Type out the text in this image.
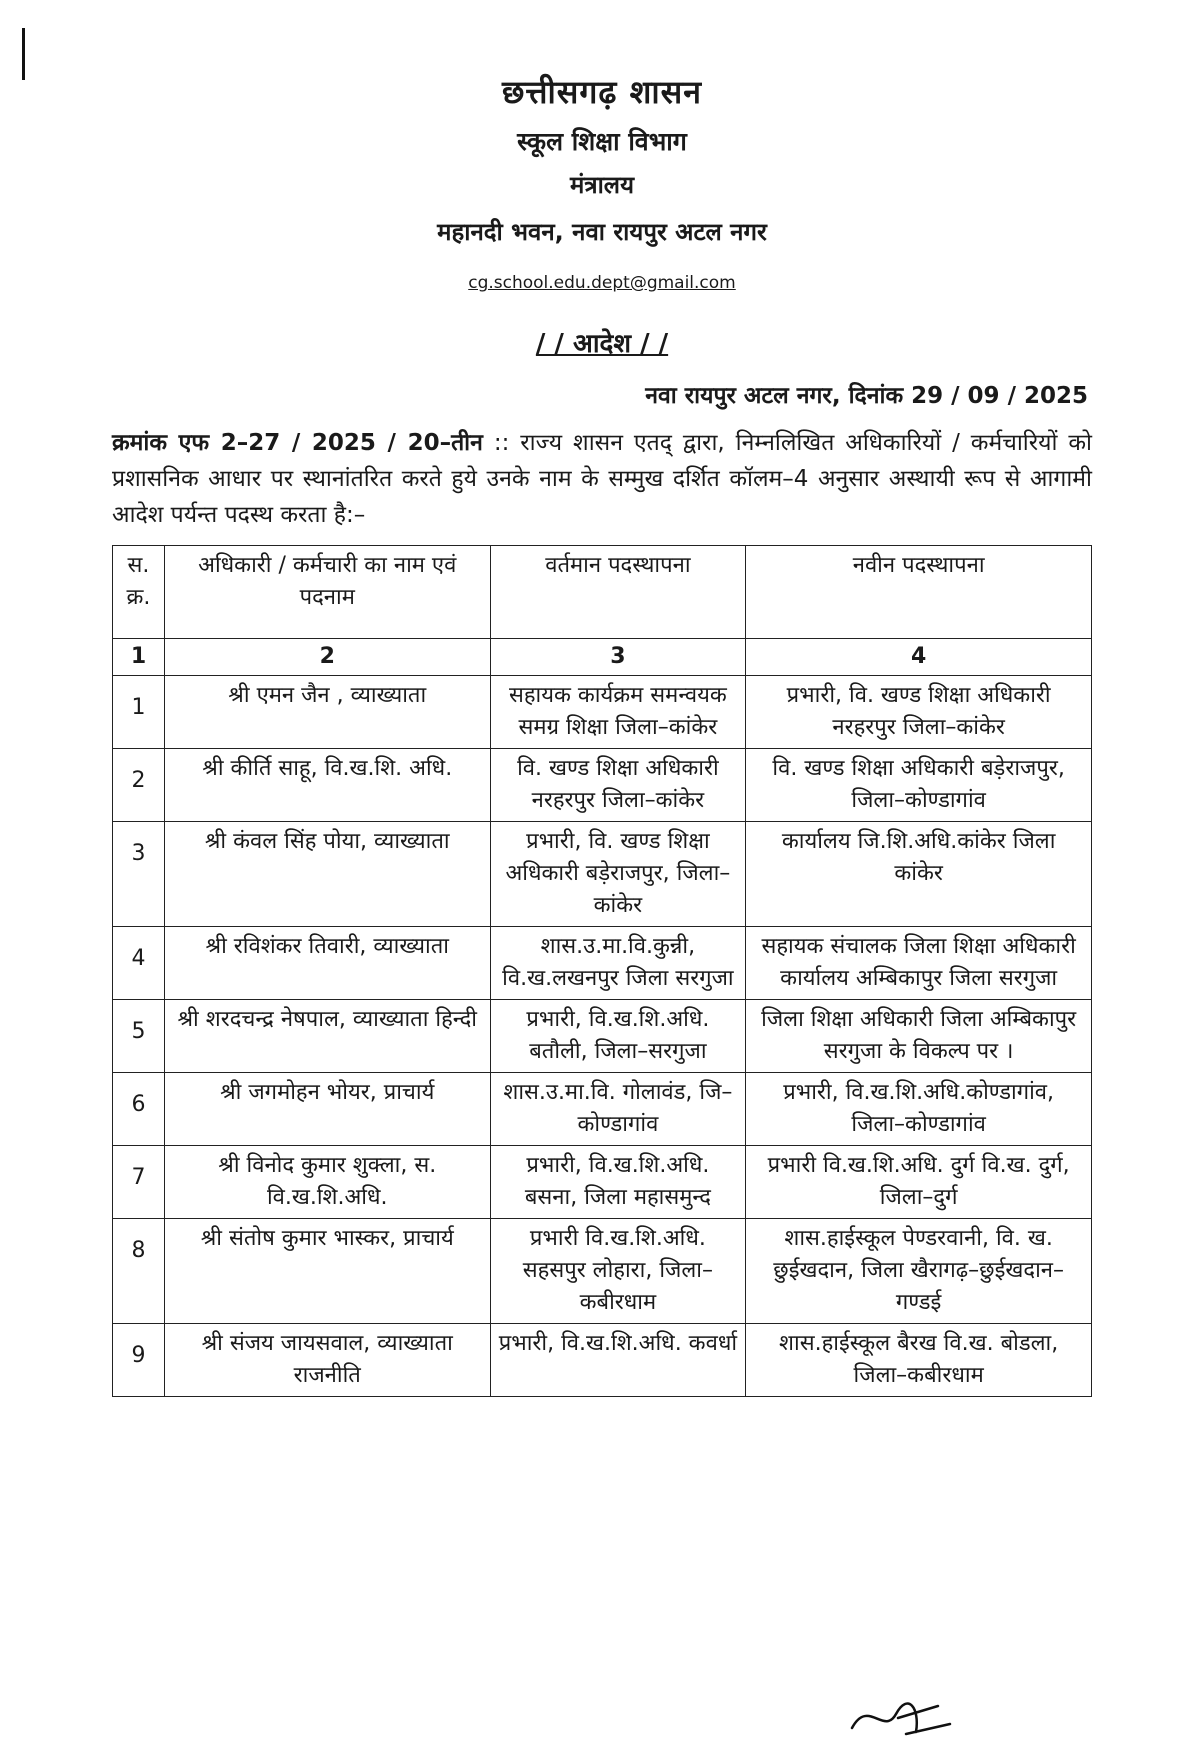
छत्तीसगढ़ शासन
स्कूल शिक्षा विभाग
मंत्रालय
महानदी भवन, नवा रायपुर अटल नगर
cg.school.edu.dept@gmail.com
/ / आदेश / /
नवा रायपुर अटल नगर, दिनांक 29 / 09 / 2025
क्रमांक एफ 2–27 / 2025 / 20–तीन :: राज्य शासन एतद् द्वारा, निम्नलिखित अधिकारियों / कर्मचारियों को प्रशासनिक आधार पर स्थानांतरित करते हुये उनके नाम के सम्मुख दर्शित कॉलम–4 अनुसार अस्थायी रूप से आगामी आदेश पर्यन्त पदस्थ करता है:–
स. क्र.	अधिकारी / कर्मचारी का नाम एवं पदनाम	वर्तमान पदस्थापना	नवीन पदस्थापना
1	2	3	4
1	श्री एमन जैन , व्याख्याता	सहायक कार्यक्रम समन्वयक समग्र शिक्षा जिला–कांकेर	प्रभारी, वि. खण्ड शिक्षा अधिकारी नरहरपुर जिला–कांकेर
2	श्री कीर्ति साहू, वि.ख.शि. अधि.	वि. खण्ड शिक्षा अधिकारी नरहरपुर जिला–कांकेर	वि. खण्ड शिक्षा अधिकारी बड़ेराजपुर, जिला–कोण्डागांव
3	श्री कंवल सिंह पोया, व्याख्याता	प्रभारी, वि. खण्ड शिक्षा अधिकारी बड़ेराजपुर, जिला–कांकेर	कार्यालय जि.शि.अधि.कांकेर जिला कांकेर
4	श्री रविशंकर तिवारी, व्याख्याता	शास.उ.मा.वि.कुन्नी, वि.ख.लखनपुर जिला सरगुजा	सहायक संचालक जिला शिक्षा अधिकारी कार्यालय अम्बिकापुर जिला सरगुजा
5	श्री शरदचन्द्र नेषपाल, व्याख्याता हिन्दी	प्रभारी, वि.ख.शि.अधि. बतौली, जिला–सरगुजा	जिला शिक्षा अधिकारी जिला अम्बिकापुर सरगुजा के विकल्प पर ।
6	श्री जगमोहन भोयर, प्राचार्य	शास.उ.मा.वि. गोलावंड, जि–कोण्डागांव	प्रभारी, वि.ख.शि.अधि.कोण्डागांव, जिला–कोण्डागांव
7	श्री विनोद कुमार शुक्ला, स. वि.ख.शि.अधि.	प्रभारी, वि.ख.शि.अधि. बसना, जिला महासमुन्द	प्रभारी वि.ख.शि.अधि. दुर्ग वि.ख. दुर्ग, जिला–दुर्ग
8	श्री संतोष कुमार भास्कर, प्राचार्य	प्रभारी वि.ख.शि.अधि. सहसपुर लोहारा, जिला–कबीरधाम	शास.हाईस्कूल पेण्डरवानी, वि. ख. छुईखदान, जिला खैरागढ़–छुईखदान–गण्डई
9	श्री संजय जायसवाल, व्याख्याता राजनीति	प्रभारी, वि.ख.शि.अधि. कवर्धा	शास.हाईस्कूल बैरख वि.ख. बोडला, जिला–कबीरधाम
